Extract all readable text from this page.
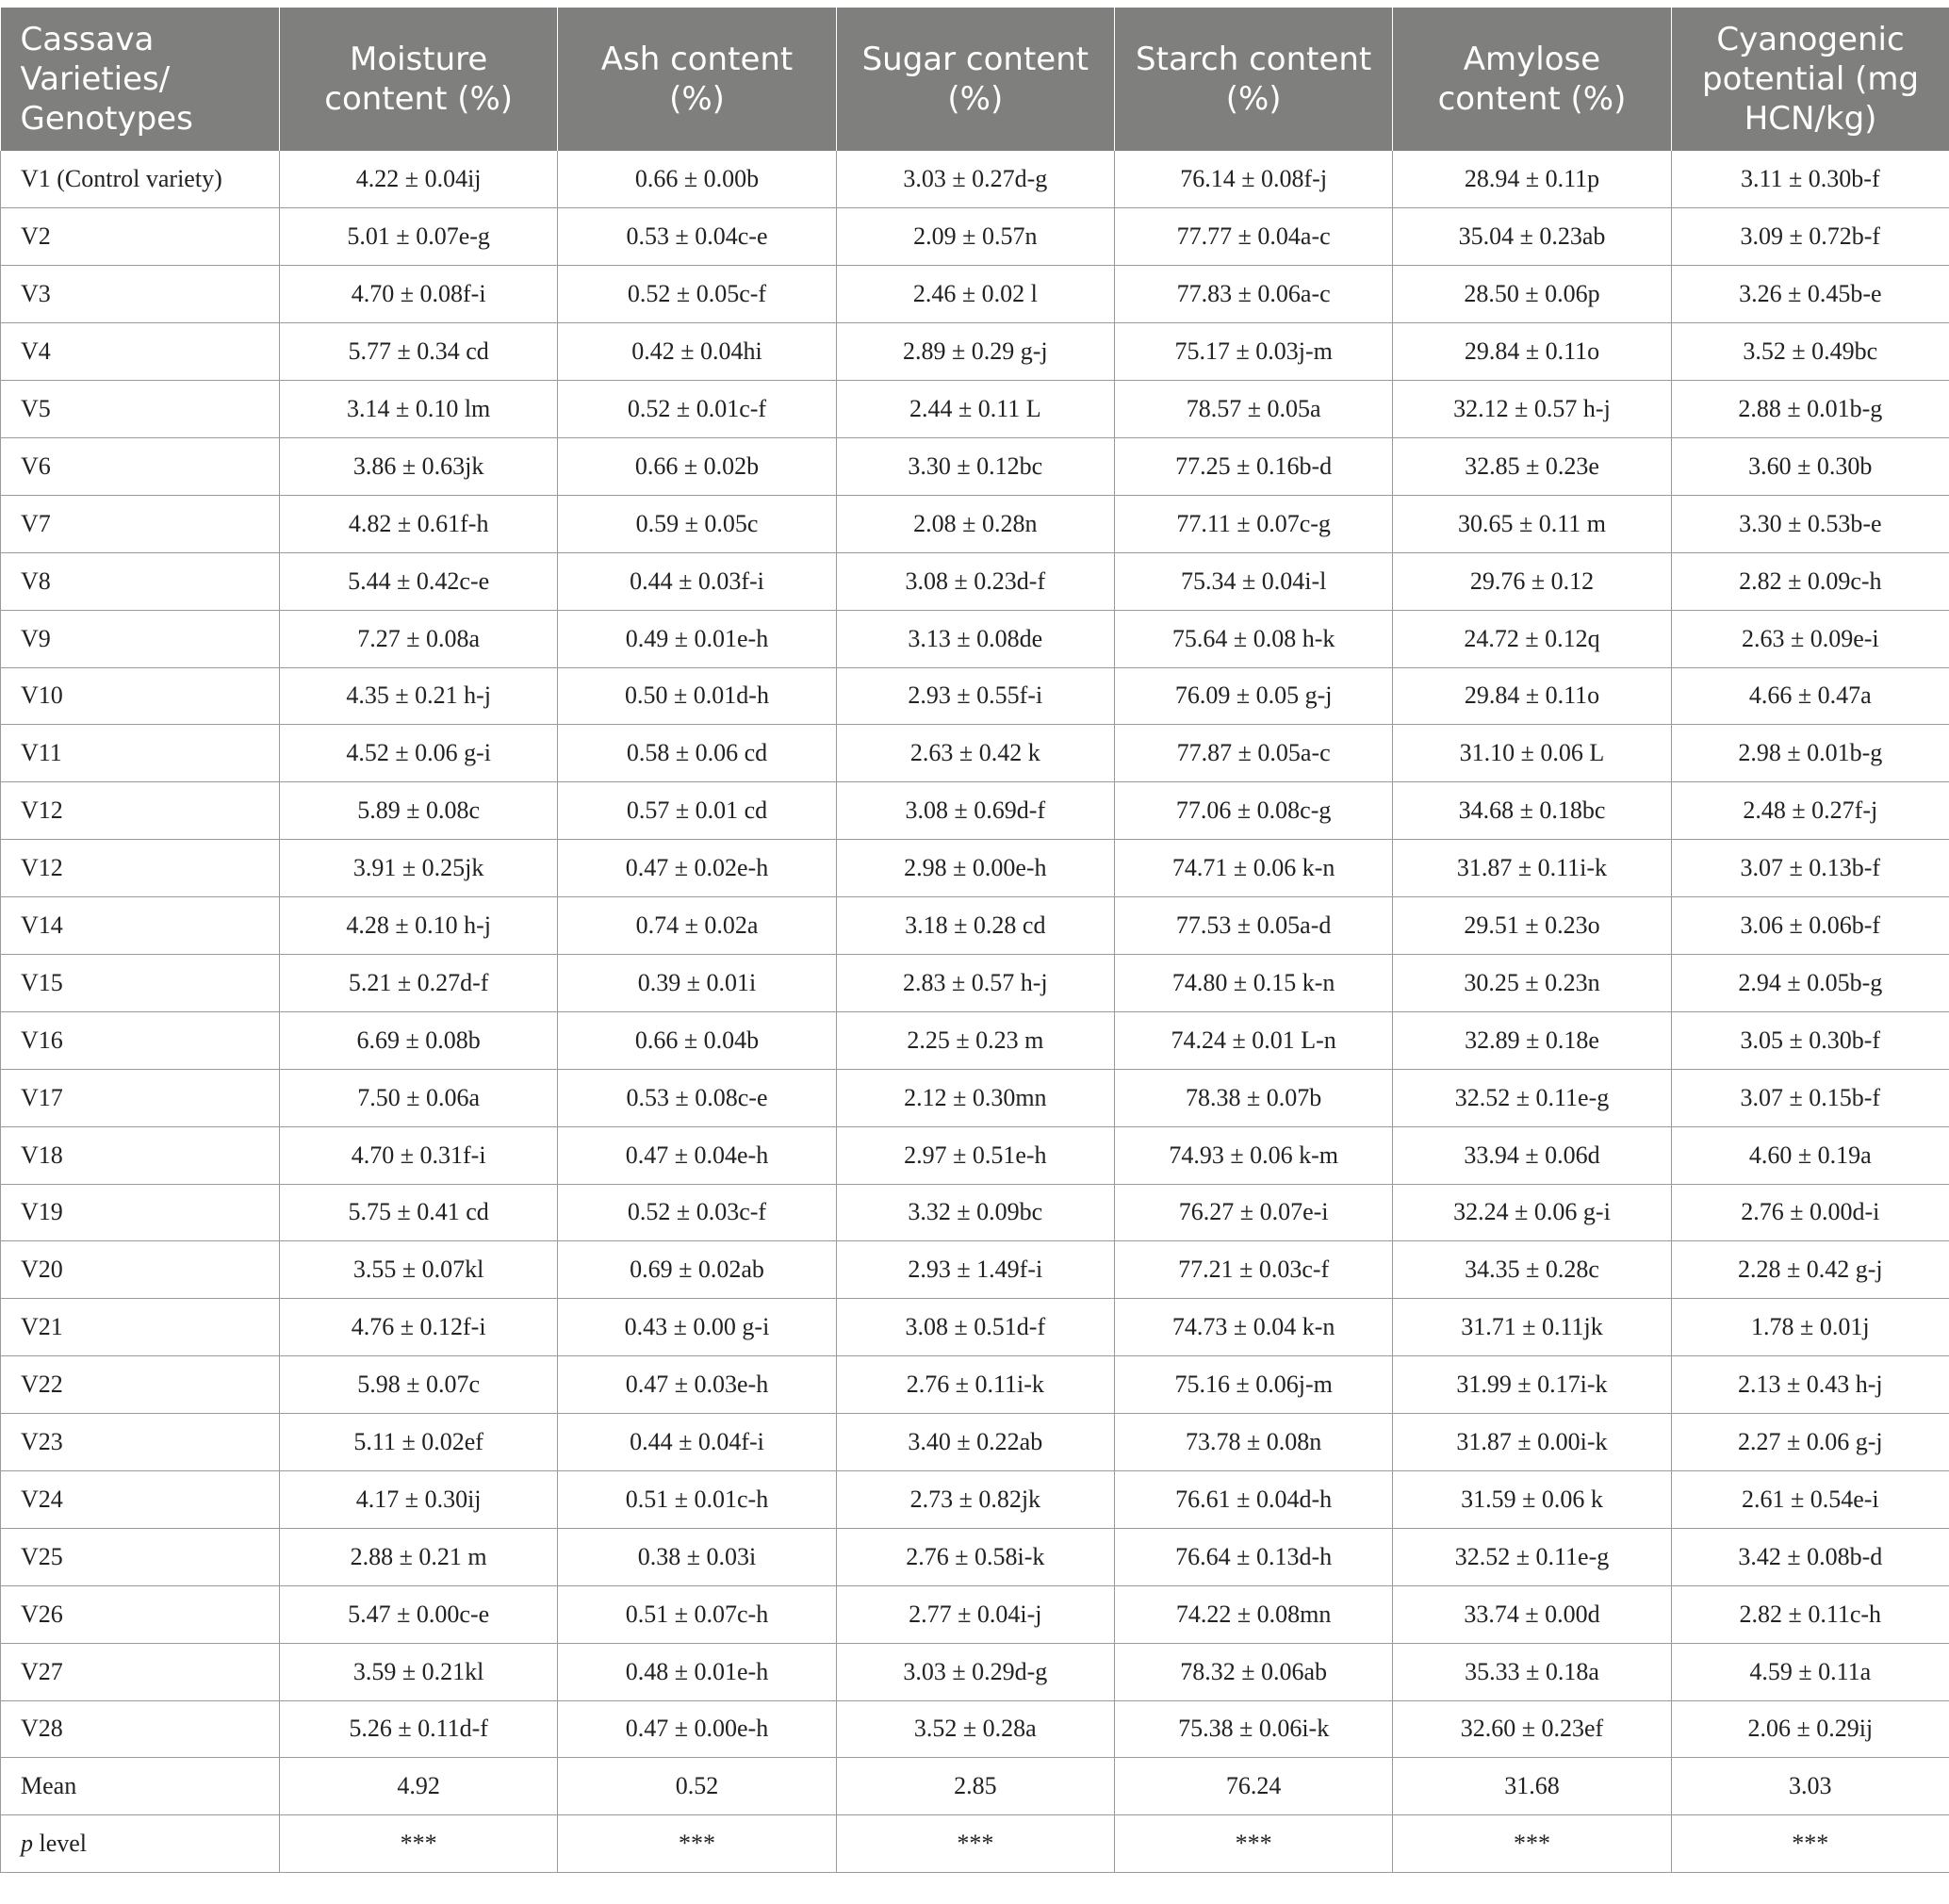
Cassava Varieties/ Genotypes	Moisture content (%)	Ash content (%)	Sugar content (%)	Starch content (%)	Amylose content (%)	Cyanogenic potential (mg HCN/kg)
V1 (Control variety)	4.22 ± 0.04ij	0.66 ± 0.00b	3.03 ± 0.27d-g	76.14 ± 0.08f-j	28.94 ± 0.11p	3.11 ± 0.30b-f
V2	5.01 ± 0.07e-g	0.53 ± 0.04c-e	2.09 ± 0.57n	77.77 ± 0.04a-c	35.04 ± 0.23ab	3.09 ± 0.72b-f
V3	4.70 ± 0.08f-i	0.52 ± 0.05c-f	2.46 ± 0.02 l	77.83 ± 0.06a-c	28.50 ± 0.06p	3.26 ± 0.45b-e
V4	5.77 ± 0.34 cd	0.42 ± 0.04hi	2.89 ± 0.29 g-j	75.17 ± 0.03j-m	29.84 ± 0.11o	3.52 ± 0.49bc
V5	3.14 ± 0.10 lm	0.52 ± 0.01c-f	2.44 ± 0.11 L	78.57 ± 0.05a	32.12 ± 0.57 h-j	2.88 ± 0.01b-g
V6	3.86 ± 0.63jk	0.66 ± 0.02b	3.30 ± 0.12bc	77.25 ± 0.16b-d	32.85 ± 0.23e	3.60 ± 0.30b
V7	4.82 ± 0.61f-h	0.59 ± 0.05c	2.08 ± 0.28n	77.11 ± 0.07c-g	30.65 ± 0.11 m	3.30 ± 0.53b-e
V8	5.44 ± 0.42c-e	0.44 ± 0.03f-i	3.08 ± 0.23d-f	75.34 ± 0.04i-l	29.76 ± 0.12	2.82 ± 0.09c-h
V9	7.27 ± 0.08a	0.49 ± 0.01e-h	3.13 ± 0.08de	75.64 ± 0.08 h-k	24.72 ± 0.12q	2.63 ± 0.09e-i
V10	4.35 ± 0.21 h-j	0.50 ± 0.01d-h	2.93 ± 0.55f-i	76.09 ± 0.05 g-j	29.84 ± 0.11o	4.66 ± 0.47a
V11	4.52 ± 0.06 g-i	0.58 ± 0.06 cd	2.63 ± 0.42 k	77.87 ± 0.05a-c	31.10 ± 0.06 L	2.98 ± 0.01b-g
V12	5.89 ± 0.08c	0.57 ± 0.01 cd	3.08 ± 0.69d-f	77.06 ± 0.08c-g	34.68 ± 0.18bc	2.48 ± 0.27f-j
V12	3.91 ± 0.25jk	0.47 ± 0.02e-h	2.98 ± 0.00e-h	74.71 ± 0.06 k-n	31.87 ± 0.11i-k	3.07 ± 0.13b-f
V14	4.28 ± 0.10 h-j	0.74 ± 0.02a	3.18 ± 0.28 cd	77.53 ± 0.05a-d	29.51 ± 0.23o	3.06 ± 0.06b-f
V15	5.21 ± 0.27d-f	0.39 ± 0.01i	2.83 ± 0.57 h-j	74.80 ± 0.15 k-n	30.25 ± 0.23n	2.94 ± 0.05b-g
V16	6.69 ± 0.08b	0.66 ± 0.04b	2.25 ± 0.23 m	74.24 ± 0.01 L-n	32.89 ± 0.18e	3.05 ± 0.30b-f
V17	7.50 ± 0.06a	0.53 ± 0.08c-e	2.12 ± 0.30mn	78.38 ± 0.07b	32.52 ± 0.11e-g	3.07 ± 0.15b-f
V18	4.70 ± 0.31f-i	0.47 ± 0.04e-h	2.97 ± 0.51e-h	74.93 ± 0.06 k-m	33.94 ± 0.06d	4.60 ± 0.19a
V19	5.75 ± 0.41 cd	0.52 ± 0.03c-f	3.32 ± 0.09bc	76.27 ± 0.07e-i	32.24 ± 0.06 g-i	2.76 ± 0.00d-i
V20	3.55 ± 0.07kl	0.69 ± 0.02ab	2.93 ± 1.49f-i	77.21 ± 0.03c-f	34.35 ± 0.28c	2.28 ± 0.42 g-j
V21	4.76 ± 0.12f-i	0.43 ± 0.00 g-i	3.08 ± 0.51d-f	74.73 ± 0.04 k-n	31.71 ± 0.11jk	1.78 ± 0.01j
V22	5.98 ± 0.07c	0.47 ± 0.03e-h	2.76 ± 0.11i-k	75.16 ± 0.06j-m	31.99 ± 0.17i-k	2.13 ± 0.43 h-j
V23	5.11 ± 0.02ef	0.44 ± 0.04f-i	3.40 ± 0.22ab	73.78 ± 0.08n	31.87 ± 0.00i-k	2.27 ± 0.06 g-j
V24	4.17 ± 0.30ij	0.51 ± 0.01c-h	2.73 ± 0.82jk	76.61 ± 0.04d-h	31.59 ± 0.06 k	2.61 ± 0.54e-i
V25	2.88 ± 0.21 m	0.38 ± 0.03i	2.76 ± 0.58i-k	76.64 ± 0.13d-h	32.52 ± 0.11e-g	3.42 ± 0.08b-d
V26	5.47 ± 0.00c-e	0.51 ± 0.07c-h	2.77 ± 0.04i-j	74.22 ± 0.08mn	33.74 ± 0.00d	2.82 ± 0.11c-h
V27	3.59 ± 0.21kl	0.48 ± 0.01e-h	3.03 ± 0.29d-g	78.32 ± 0.06ab	35.33 ± 0.18a	4.59 ± 0.11a
V28	5.26 ± 0.11d-f	0.47 ± 0.00e-h	3.52 ± 0.28a	75.38 ± 0.06i-k	32.60 ± 0.23ef	2.06 ± 0.29ij
Mean	4.92	0.52	2.85	76.24	31.68	3.03
p level	***	***	***	***	***	***
